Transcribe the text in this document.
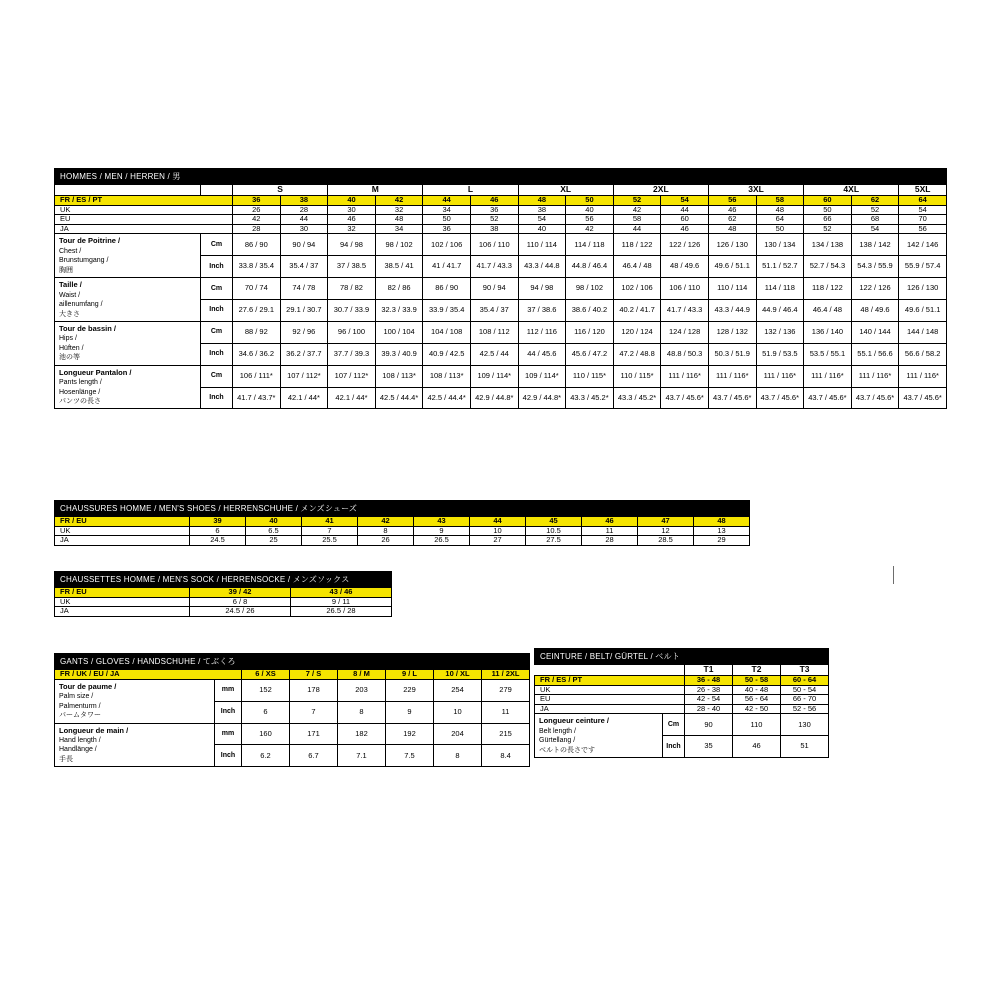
HOMMES / MEN / HERREN / 男																
		S		M		L		XL		2XL		3XL		4XL		5XL
FR / ES / PT		36	38	40	42	44	46	48	50	52	54	56	58	60	62	64
UK		26	28	30	32	34	36	38	40	42	44	46	48	50	52	54
EU		42	44	46	48	50	52	54	56	58	60	62	64	66	68	70
JA		28	30	32	34	36	38	40	42	44	46	48	50	52	54	56
Tour de Poitrine /
Chest /
Brunstumgang /
胸囲	Cm	86 / 90	90 / 94	94 / 98	98 / 102	102 / 106	106 / 110	110 / 114	114 / 118	118 / 122	122 / 126	126 / 130	130 / 134	134 / 138	138 / 142	142 / 146
	Inch	33.8 / 35.4	35.4 / 37	37 / 38.5	38.5 / 41	41 / 41.7	41.7 / 43.3	43.3 / 44.8	44.8 / 46.4	46.4 / 48	48 / 49.6	49.6 / 51.1	51.1 / 52.7	52.7 / 54.3	54.3 / 55.9	55.9 / 57.4
Taille /
Waist /
aillenumfang /
大きさ	Cm	70 / 74	74 / 78	78 / 82	82 / 86	86 / 90	90 / 94	94 / 98	98 / 102	102 / 106	106 / 110	110 / 114	114 / 118	118 / 122	122 / 126	126 / 130
	Inch	27.6 / 29.1	29.1 / 30.7	30.7 / 33.9	32.3 / 33.9	33.9 / 35.4	35.4 / 37	37 / 38.6	38.6 / 40.2	40.2 / 41.7	41.7 / 43.3	43.3 / 44.9	44.9 / 46.4	46.4 / 48	48 / 49.6	49.6 / 51.1
Tour de bassin /
Hips /
Hüften /
池の等	Cm	88 / 92	92 / 96	96 / 100	100 / 104	104 / 108	108 / 112	112 / 116	116 / 120	120 / 124	124 / 128	128 / 132	132 / 136	136 / 140	140 / 144	144 / 148
	Inch	34.6 / 36.2	36.2 / 37.7	37.7 / 39.3	39.3 / 40.9	40.9 / 42.5	42.5 / 44	44 / 45.6	45.6 / 47.2	47.2 / 48.8	48.8 / 50.3	50.3 / 51.9	51.9 / 53.5	53.5 / 55.1	55.1 / 56.6	56.6 / 58.2
Longueur Pantalon /
Pants length /
Hosenlänge /
パンツの長さ	Cm	106 / 111*	107 / 112*	107 / 112*	108 / 113*	108 / 113*	109 / 114*	109 / 114*	110 / 115*	110 / 115*	111 / 116*	111 / 116*	111 / 116*	111 / 116*	111 / 116*	111 / 116*
	Inch	41.7 / 43.7*	42.1 / 44*	42.1 / 44*	42.5 / 44.4*	42.5 / 44.4*	42.9 / 44.8*	42.9 / 44.8*	43.3 / 45.2*	43.3 / 45.2*	43.7 / 45.6*	43.7 / 45.6*	43.7 / 45.6*	43.7 / 45.6*	43.7 / 45.6*	43.7 / 45.6*
CHAUSSURES HOMME / MEN'S SHOES / HERRENSCHUHE / メンズシューズ										
FR / EU	39	40	41	42	43	44	45	46	47	48
UK	6	6.5	7	8	9	10	10.5	11	12	13
JA	24.5	25	25.5	26	26.5	27	27.5	28	28.5	29
CHAUSSETTES HOMME / MEN'S SOCK / HERRENSOCKE / メンズソックス		
FR / EU	39 / 42	43 / 46
UK	6 / 8	9 / 11
JA	24.5 / 26	26.5 / 28
GANTS / GLOVES / HANDSCHUHE / てぶくろ							
FR / UK / EU / JA		6 / XS	7 / S	8 / M	9 / L	10 / XL	11 / 2XL
Tour de paume /
Palm size /
Palmenturm /
パームタワー	mm	152	178	203	229	254	279
	Inch	6	7	8	9	10	11
Longueur de main /
Hand length /
Handlänge /
手長	mm	160	171	182	192	204	215
	Inch	6.2	6.7	7.1	7.5	8	8.4
CEINTURE / BELT/ GÜRTEL / ベルト				
		T1	T2	T3
FR / ES / PT		36 - 48	50 - 58	60 - 64
UK		26 - 38	40 - 48	50 - 54
EU		42 - 54	56 - 64	66 - 70
JA		28 - 40	42 - 50	52 - 56
Longueur ceinture /
Belt length /
Gürtellang /
ベルトの長さです	Cm	90	110	130
	Inch	35	46	51
